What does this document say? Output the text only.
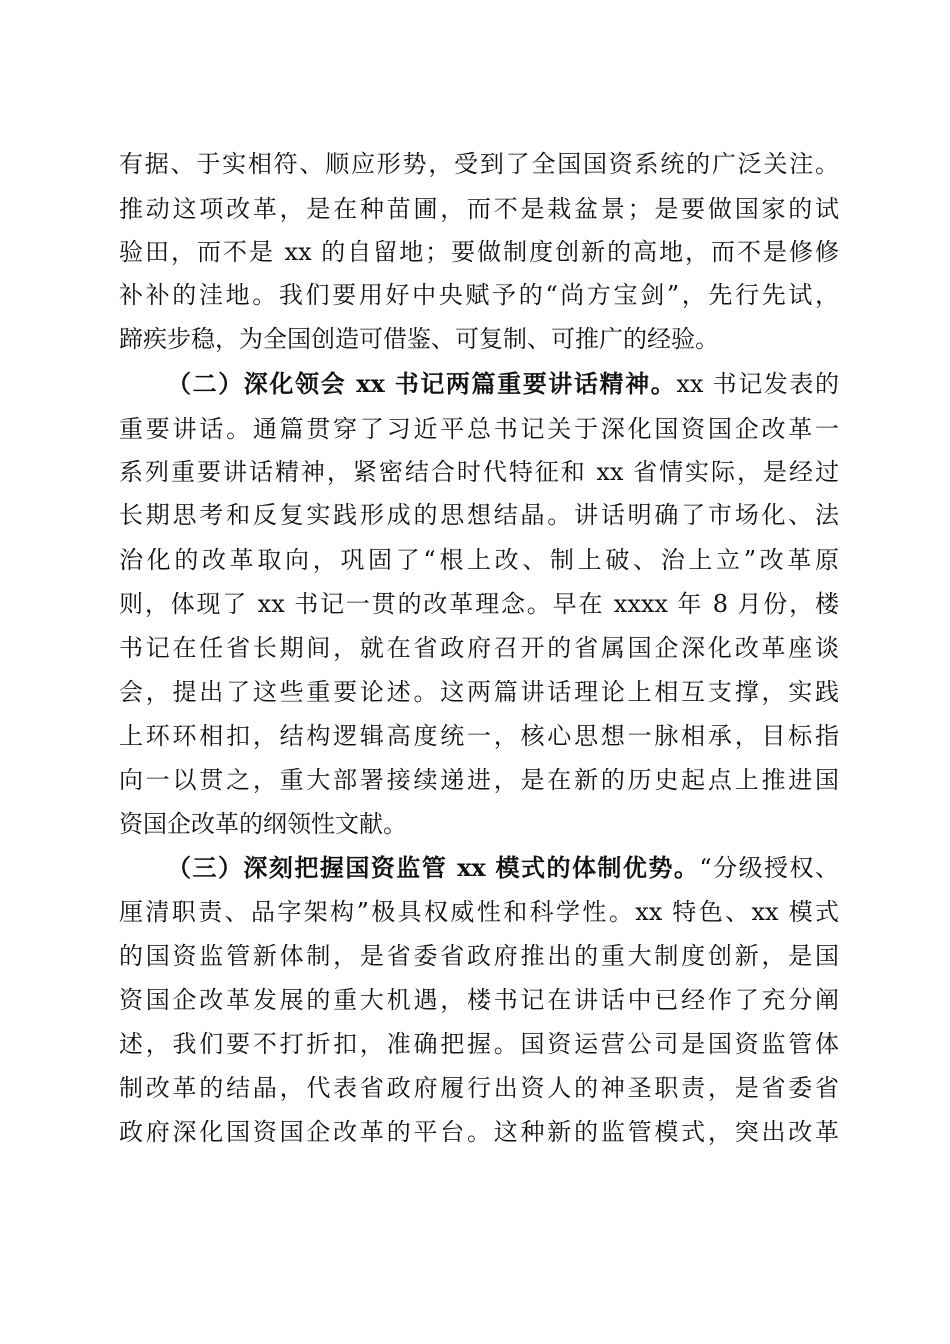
有据、于实相符、顺应形势，受到了全国国资系统的广泛关注。
推动这项改革，是在种苗圃，而不是栽盆景；是要做国家的试
验田，而不是 xx 的自留地；要做制度创新的高地，而不是修修
补补的洼地。我们要用好中央赋予的“尚方宝剑”，先行先试，
蹄疾步稳，为全国创造可借鉴、可复制、可推广的经验。
（二）深化领会 xx 书记两篇重要讲话精神。xx 书记发表的
重要讲话。通篇贯穿了习近平总书记关于深化国资国企改革一
系列重要讲话精神，紧密结合时代特征和 xx 省情实际，是经过
长期思考和反复实践形成的思想结晶。讲话明确了市场化、法
治化的改革取向，巩固了“根上改、制上破、治上立”改革原
则，体现了 xx 书记一贯的改革理念。早在 xxxx 年 8 月份，楼
书记在任省长期间，就在省政府召开的省属国企深化改革座谈
会，提出了这些重要论述。这两篇讲话理论上相互支撑，实践
上环环相扣，结构逻辑高度统一，核心思想一脉相承，目标指
向一以贯之，重大部署接续递进，是在新的历史起点上推进国
资国企改革的纲领性文献。
（三）深刻把握国资监管 xx 模式的体制优势。“分级授权、
厘清职责、品字架构”极具权威性和科学性。xx 特色、xx 模式
的国资监管新体制，是省委省政府推出的重大制度创新，是国
资国企改革发展的重大机遇，楼书记在讲话中已经作了充分阐
述，我们要不打折扣，准确把握。国资运营公司是国资监管体
制改革的结晶，代表省政府履行出资人的神圣职责，是省委省
政府深化国资国企改革的平台。这种新的监管模式，突出改革
